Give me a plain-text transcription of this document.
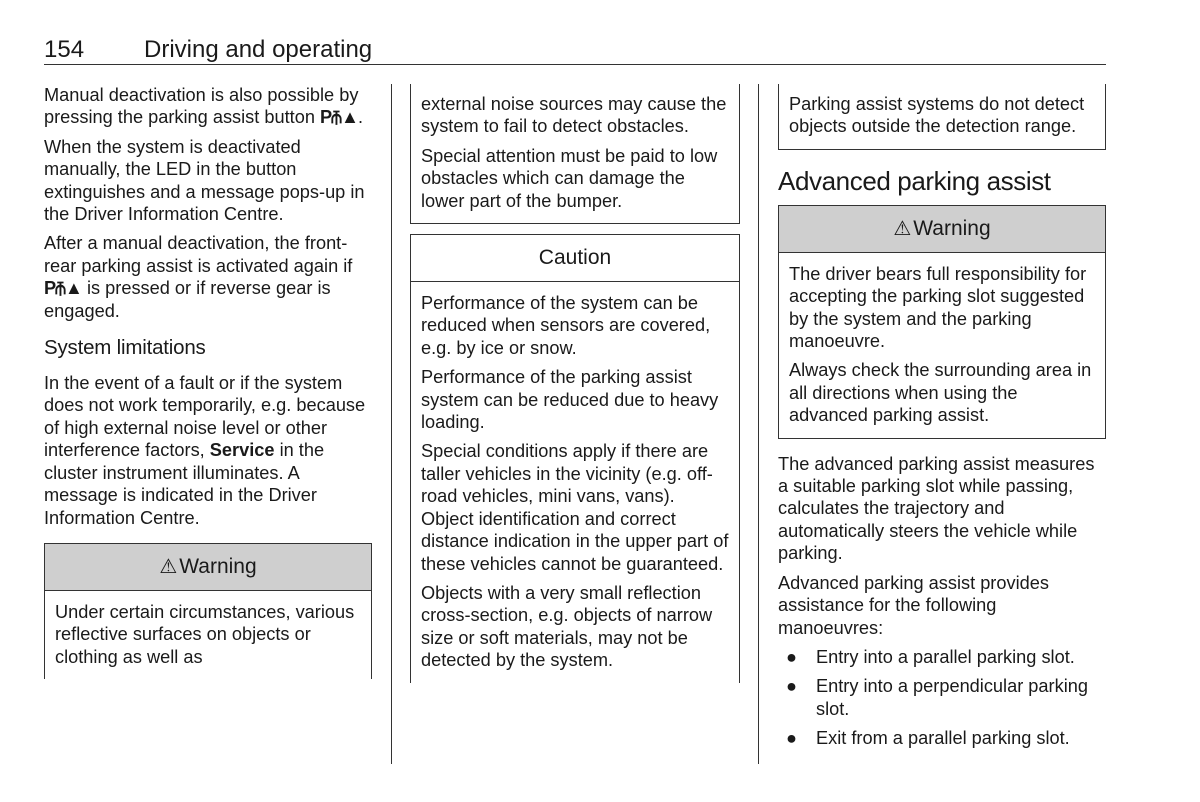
154 Driving and operating

Manual deactivation is also possible by pressing the parking assist button P⫚▲.

When the system is deactivated manually, the LED in the button extinguishes and a message pops-up in the Driver Information Centre.

After a manual deactivation, the front-rear parking assist is activated again if P⫚▲ is pressed or if reverse gear is engaged.

System limitations

In the event of a fault or if the system does not work temporarily, e.g. because of high external noise level or other interference factors, Service in the cluster instrument illuminates. A message is indicated in the Driver Information Centre.

⚠Warning

Under certain circumstances, various reflective surfaces on objects or clothing as well as

external noise sources may cause the system to fail to detect obstacles.

Special attention must be paid to low obstacles which can damage the lower part of the bumper.

Caution

Performance of the system can be reduced when sensors are covered, e.g. by ice or snow.

Performance of the parking assist system can be reduced due to heavy loading.

Special conditions apply if there are taller vehicles in the vicinity (e.g. off-road vehicles, mini vans, vans). Object identification and correct distance indication in the upper part of these vehicles cannot be guaranteed.

Objects with a very small reflection cross-section, e.g. objects of narrow size or soft materials, may not be detected by the system.

Parking assist systems do not detect objects outside the detection range.

Advanced parking assist
⚠Warning

The driver bears full responsibility for accepting the parking slot suggested by the system and the parking manoeuvre.

Always check the surrounding area in all directions when using the advanced parking assist.

The advanced parking assist measures a suitable parking slot while passing, calculates the trajectory and automatically steers the vehicle while parking.

Advanced parking assist provides assistance for the following manoeuvres:

● Entry into a parallel parking slot.
● Entry into a perpendicular parking slot.
● Exit from a parallel parking slot.
